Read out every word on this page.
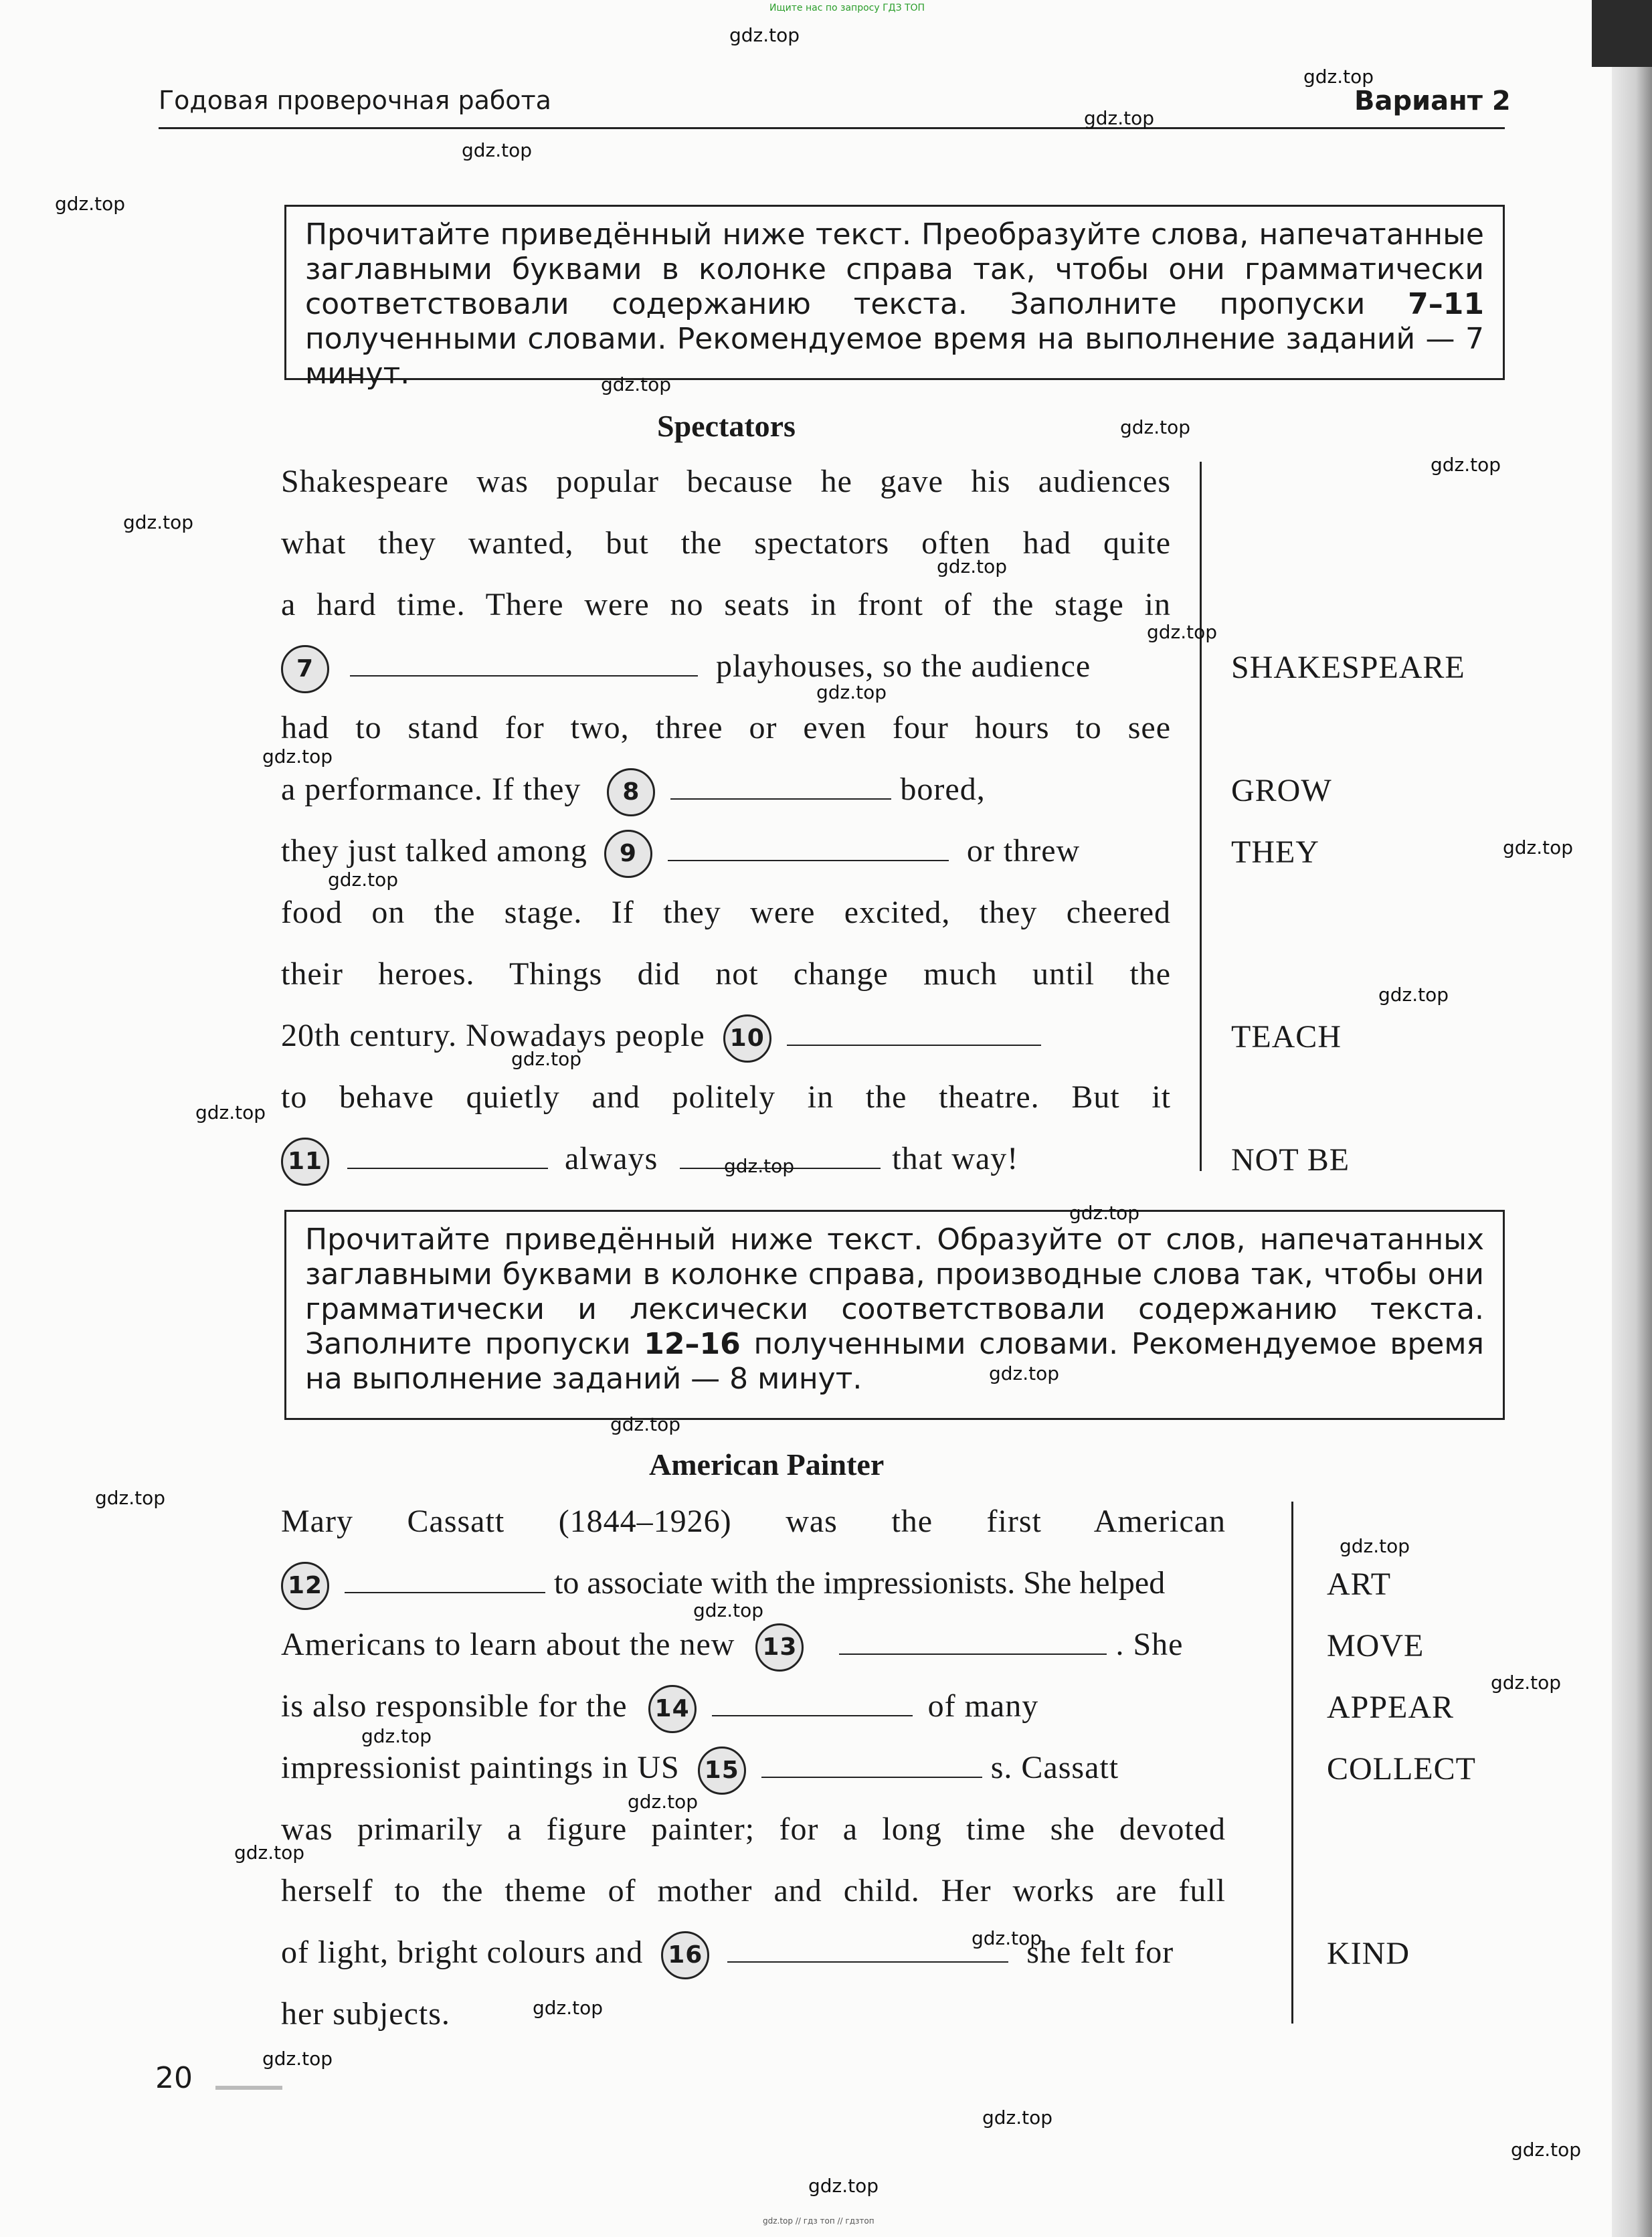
Ищите нас по запросу ГДЗ ТОП
Годовая проверочная работа	Вариант 2
Прочитайте приведённый ниже текст. Преобразуйте слова, напечатанные заглавными буквами в колонке справа так, чтобы они грамматически соответствовали содержанию текста. Заполните пропуски 7–11 полученными словами. Рекомендуемое время на выполнение заданий — 7 минут.
Spectators
Shakespeare was popular because he gave his audiences
what they wanted, but the spectators often had quite
a hard time. There were no seats in front of the stage in
7	playhouses, so the audience
had to stand for two, three or even four hours to see
a performance. If they 8	bored,
they just talked among 9	or threw
food on the stage. If they were excited, they cheered
their heroes. Things did not change much until the
20th century. Nowadays people 10
to behave quietly and politely in the theatre. But it
11	always	that way!
SHAKESPEARE
GROW
THEY
TEACH
NOT BE
Прочитайте приведённый ниже текст. Образуйте от слов, напечатанных заглавными буквами в колонке справа, производные слова так, чтобы они грамматически и лексически соответствовали содержанию текста. Заполните пропуски 12–16 полученными словами. Рекомендуемое время на выполнение заданий — 8 минут.
American Painter
Mary Cassatt (1844–1926) was the first American
12	to associate with the impressionists. She helped
Americans to learn about the new 13	. She
is also responsible for the 14	of many
impressionist paintings in US 15	s. Cassatt
was primarily a figure painter; for a long time she devoted
herself to the theme of mother and child. Her works are full
of light, bright colours and 16	she felt for
her subjects.
ART
MOVE
APPEAR
COLLECT
KIND
20
gdz.top
gdz.top
gdz.top
gdz.top
gdz.top
gdz.top
gdz.top
gdz.top
gdz.top
gdz.top
gdz.top
gdz.top
gdz.top
gdz.top
gdz.top
gdz.top
gdz.top
gdz.top
gdz.top
gdz.top
gdz.top
gdz.top
gdz.top
gdz.top
gdz.top
gdz.top
gdz.top
gdz.top
gdz.top
gdz.top
gdz.top
gdz.top
gdz.top
gdz.top
gdz.top
gdz.top // гдз топ // гдзтоп
